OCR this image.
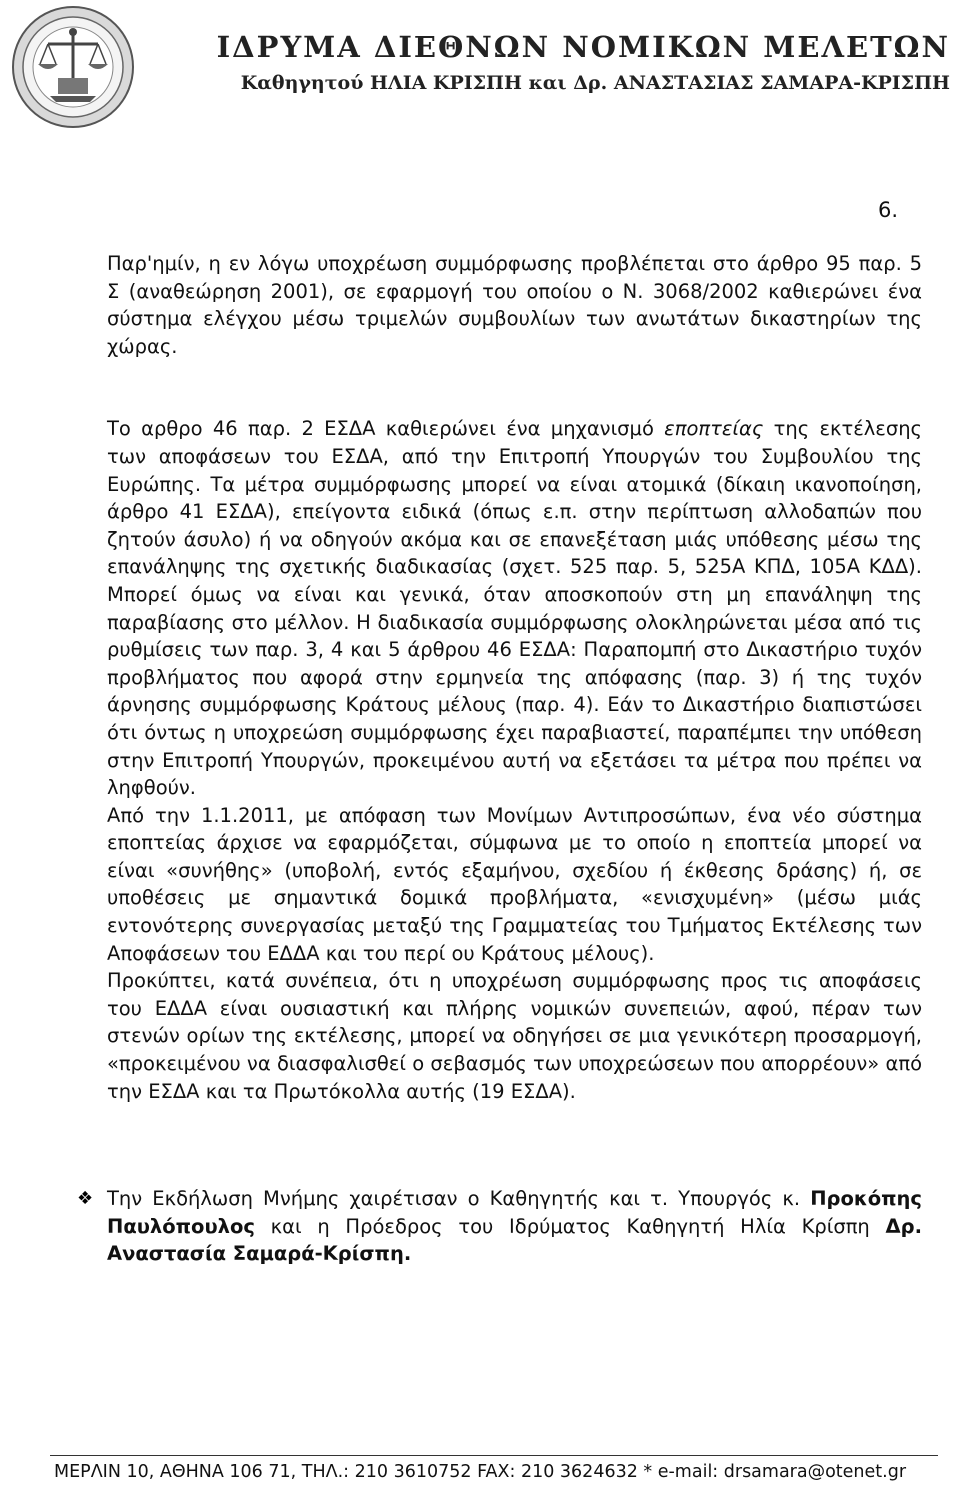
ΙΔΡΥΜΑ ΔΙΕΘΝΩΝ ΝΟΜΙΚΩΝ ΜΕΛΕΤΩΝ
Καθηγητού ΗΛΙΑ ΚΡΙΣΠΗ και Δρ. ΑΝΑΣΤΑΣΙΑΣ ΣΑΜΑΡΑ-ΚΡΙΣΠΗ
6.

Παρ'ημίν, η εν λόγω υποχρέωση συμμόρφωσης προβλέπεται στο άρθρο 95 παρ. 5 Σ (αναθεώρηση 2001), σε εφαρμογή του οποίου ο Ν. 3068/2002 καθιερώνει ένα σύστημα ελέγχου μέσω τριμελών συμβουλίων των ανωτάτων δικαστηρίων της χώρας.

Το αρθρο 46 παρ. 2 ΕΣΔΑ καθιερώνει ένα μηχανισμό εποπτείας της εκτέλεσης των αποφάσεων του ΕΣΔΑ, από την Επιτροπή Υπουργών του Συμβουλίου της Ευρώπης. Τα μέτρα συμμόρφωσης μπορεί να είναι ατομικά (δίκαιη ικανοποίηση, άρθρο 41 ΕΣΔΑ), επείγοντα ειδικά (όπως ε.π. στην περίπτωση αλλοδαπών που ζητούν άσυλο) ή να οδηγούν ακόμα και σε επανεξέταση μιάς υπόθεσης μέσω της επανάληψης της σχετικής διαδικασίας (σχετ. 525 παρ. 5, 525Α ΚΠΔ, 105Α ΚΔΔ). Μπορεί όμως να είναι και γενικά, όταν αποσκοπούν στη μη επανάληψη της παραβίασης στο μέλλον. Η διαδικασία συμμόρφωσης ολοκληρώνεται μέσα από τις ρυθμίσεις των παρ. 3, 4 και 5 άρθρου 46 ΕΣΔΑ: Παραπομπή στο Δικαστήριο τυχόν προβλήματος που αφορά στην ερμηνεία της απόφασης (παρ. 3) ή της τυχόν άρνησης συμμόρφωσης Κράτους μέλους (παρ. 4). Εάν το Δικαστήριο διαπιστώσει ότι όντως η υποχρεώση συμμόρφωσης έχει παραβιαστεί, παραπέμπει την υπόθεση στην Επιτροπή Υπουργών, προκειμένου αυτή να εξετάσει τα μέτρα που πρέπει να ληφθούν.

Από την 1.1.2011, με απόφαση των Μονίμων Αντιπροσώπων, ένα νέο σύστημα εποπτείας άρχισε να εφαρμόζεται, σύμφωνα με το οποίο η εποπτεία μπορεί να είναι «συνήθης» (υποβολή, εντός εξαμήνου, σχεδίου ή έκθεσης δράσης) ή, σε υποθέσεις με σημαντικά δομικά προβλήματα, «ενισχυμένη» (μέσω μιάς εντονότερης συνεργασίας μεταξύ της Γραμματείας του Τμήματος Εκτέλεσης των Αποφάσεων του ΕΔΔΑ και του περί ου Κράτους μέλους).

Προκύπτει, κατά συνέπεια, ότι η υποχρέωση συμμόρφωσης προς τις αποφάσεις του ΕΔΔΑ είναι ουσιαστική και πλήρης νομικών συνεπειών, αφού, πέραν των στενών ορίων της εκτέλεσης, μπορεί να οδηγήσει σε μια γενικότερη προσαρμογή, «προκειμένου να διασφαλισθεί ο σεβασμός των υποχρεώσεων που απορρέουν» από την ΕΣΔΑ και τα Πρωτόκολλα αυτής (19 ΕΣΔΑ).

❖ Την Εκδήλωση Μνήμης χαιρέτισαν ο Καθηγητής και τ. Υπουργός κ. Προκόπης Παυλόπουλος και η Πρόεδρος του Ιδρύματος Καθηγητή Ηλία Κρίσπη Δρ. Αναστασία Σαμαρά-Κρίσπη.

ΜΕΡΛΙΝ 10, ΑΘΗΝΑ 106 71, ΤΗΛ.: 210 3610752 FAX: 210 3624632 * e-mail: drsamara@otenet.gr
